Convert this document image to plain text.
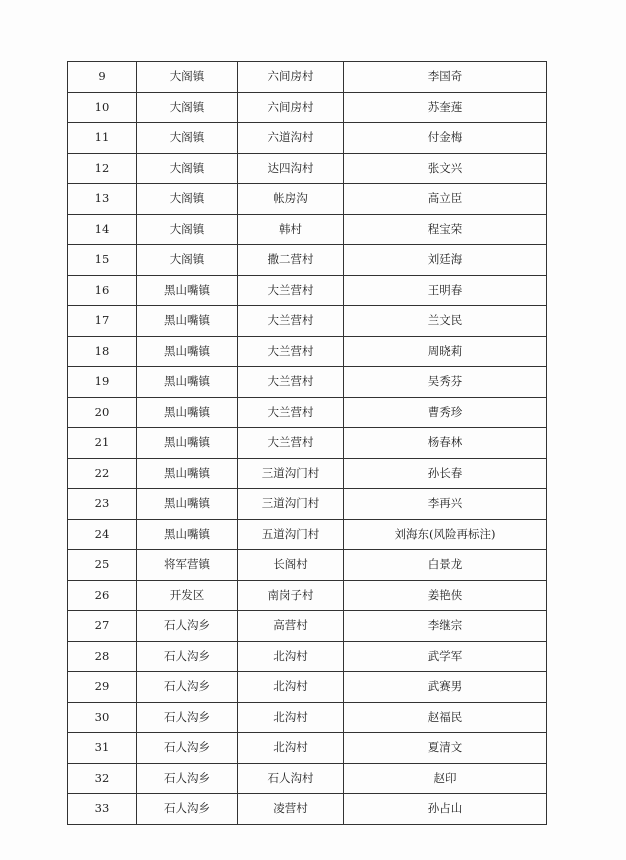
9	大阁镇	六间房村	李国奇
10	大阁镇	六间房村	苏奎莲
11	大阁镇	六道沟村	付金梅
12	大阁镇	达四沟村	张文兴
13	大阁镇	帐房沟	高立臣
14	大阁镇	韩村	程宝荣
15	大阁镇	撒二营村	刘廷海
16	黑山嘴镇	大兰营村	王明春
17	黑山嘴镇	大兰营村	兰文民
18	黑山嘴镇	大兰营村	周晓莉
19	黑山嘴镇	大兰营村	吴秀芬
20	黑山嘴镇	大兰营村	曹秀珍
21	黑山嘴镇	大兰营村	杨春林
22	黑山嘴镇	三道沟门村	孙长春
23	黑山嘴镇	三道沟门村	李再兴
24	黑山嘴镇	五道沟门村	刘海东(风险再标注)
25	将军营镇	长阁村	白景龙
26	开发区	南岗子村	姜艳侠
27	石人沟乡	高营村	李继宗
28	石人沟乡	北沟村	武学军
29	石人沟乡	北沟村	武赛男
30	石人沟乡	北沟村	赵福民
31	石人沟乡	北沟村	夏清文
32	石人沟乡	石人沟村	赵印
33	石人沟乡	凌营村	孙占山
